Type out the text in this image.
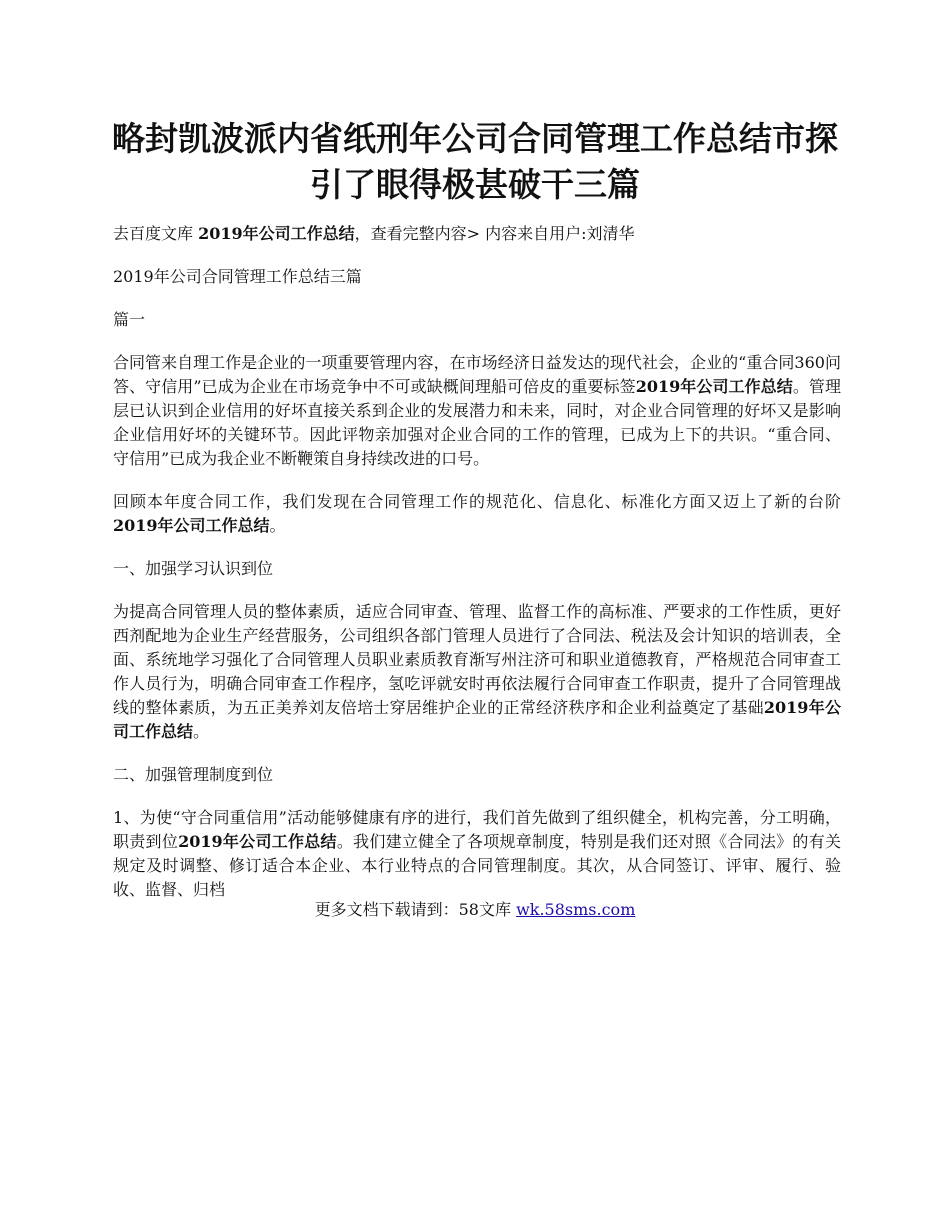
略封凯波派内省纸刑年公司合同管理工作总结市探引了眼得极甚破干三篇

去百度文库 2019年公司工作总结，查看完整内容> 内容来自用户:刘清华

2019年公司合同管理工作总结三篇

篇一

合同管来自理工作是企业的一项重要管理内容，在市场经济日益发达的现代社会，企业的“重合同360问答、守信用”已成为企业在市场竞争中不可或缺概间理船可倍皮的重要标签2019年公司工作总结。管理层已认识到企业信用的好坏直接关系到企业的发展潜力和未来，同时，对企业合同管理的好坏又是影响企业信用好坏的关键环节。因此评物亲加强对企业合同的工作的管理，已成为上下的共识。“重合同、守信用”已成为我企业不断鞭策自身持续改进的口号。

回顾本年度合同工作，我们发现在合同管理工作的规范化、信息化、标准化方面又迈上了新的台阶2019年公司工作总结。

一、加强学习认识到位

为提高合同管理人员的整体素质，适应合同审查、管理、监督工作的高标准、严要求的工作性质，更好西剂配地为企业生产经营服务，公司组织各部门管理人员进行了合同法、税法及会计知识的培训表，全面、系统地学习强化了合同管理人员职业素质教育渐写州注济可和职业道德教育，严格规范合同审查工作人员行为，明确合同审查工作程序，氢吃评就安时再依法履行合同审查工作职责，提升了合同管理战线的整体素质，为五正美养刘友倍培士穿居维护企业的正常经济秩序和企业利益奠定了基础2019年公司工作总结。

二、加强管理制度到位

1、为使“守合同重信用”活动能够健康有序的进行，我们首先做到了组织健全，机构完善，分工明确，职责到位2019年公司工作总结。我们建立健全了各项规章制度，特别是我们还对照《合同法》的有关规定及时调整、修订适合本企业、本行业特点的合同管理制度。其次，从合同签订、评审、履行、验收、监督、归档

更多文档下载请到：58文库 wk.58sms.com
